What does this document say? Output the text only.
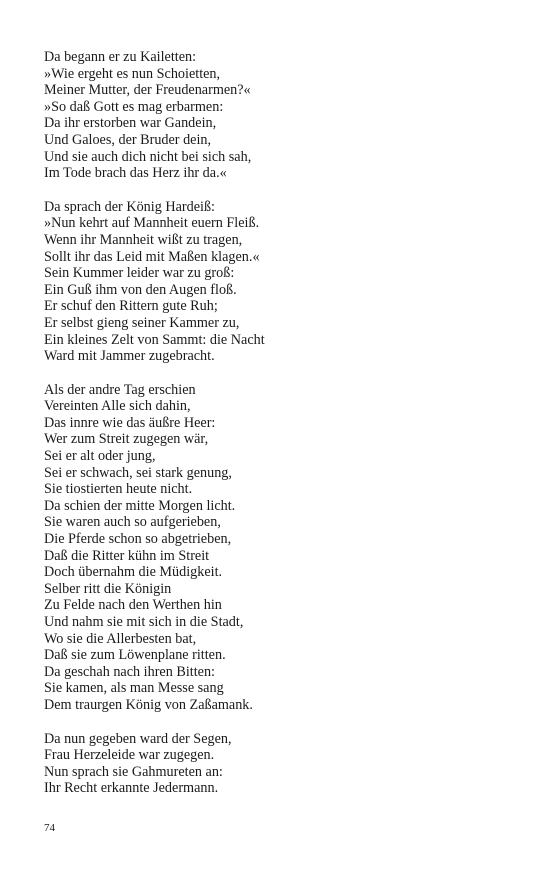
Da begann er zu Kailetten:
»Wie ergeht es nun Schoietten,
Meiner Mutter, der Freudenarmen?«
»So daß Gott es mag erbarmen:
Da ihr erstorben war Gandein,
Und Galoes, der Bruder dein,
Und sie auch dich nicht bei sich sah,
Im Tode brach das Herz ihr da.«
Da sprach der König Hardeiß:
»Nun kehrt auf Mannheit euern Fleiß.
Wenn ihr Mannheit wißt zu tragen,
Sollt ihr das Leid mit Maßen klagen.«
Sein Kummer leider war zu groß:
Ein Guß ihm von den Augen floß.
Er schuf den Rittern gute Ruh;
Er selbst gieng seiner Kammer zu,
Ein kleines Zelt von Sammt: die Nacht
Ward mit Jammer zugebracht.
Als der andre Tag erschien
Vereinten Alle sich dahin,
Das innre wie das äußre Heer:
Wer zum Streit zugegen wär,
Sei er alt oder jung,
Sei er schwach, sei stark genung,
Sie tiostierten heute nicht.
Da schien der mitte Morgen licht.
Sie waren auch so aufgerieben,
Die Pferde schon so abgetrieben,
Daß die Ritter kühn im Streit
Doch übernahm die Müdigkeit.
Selber ritt die Königin
Zu Felde nach den Werthen hin
Und nahm sie mit sich in die Stadt,
Wo sie die Allerbesten bat,
Daß sie zum Löwenplane ritten.
Da geschah nach ihren Bitten:
Sie kamen, als man Messe sang
Dem traurgen König von Zaßamank.
Da nun gegeben ward der Segen,
Frau Herzeleide war zugegen.
Nun sprach sie Gahmureten an:
Ihr Recht erkannte Jedermann.
74
